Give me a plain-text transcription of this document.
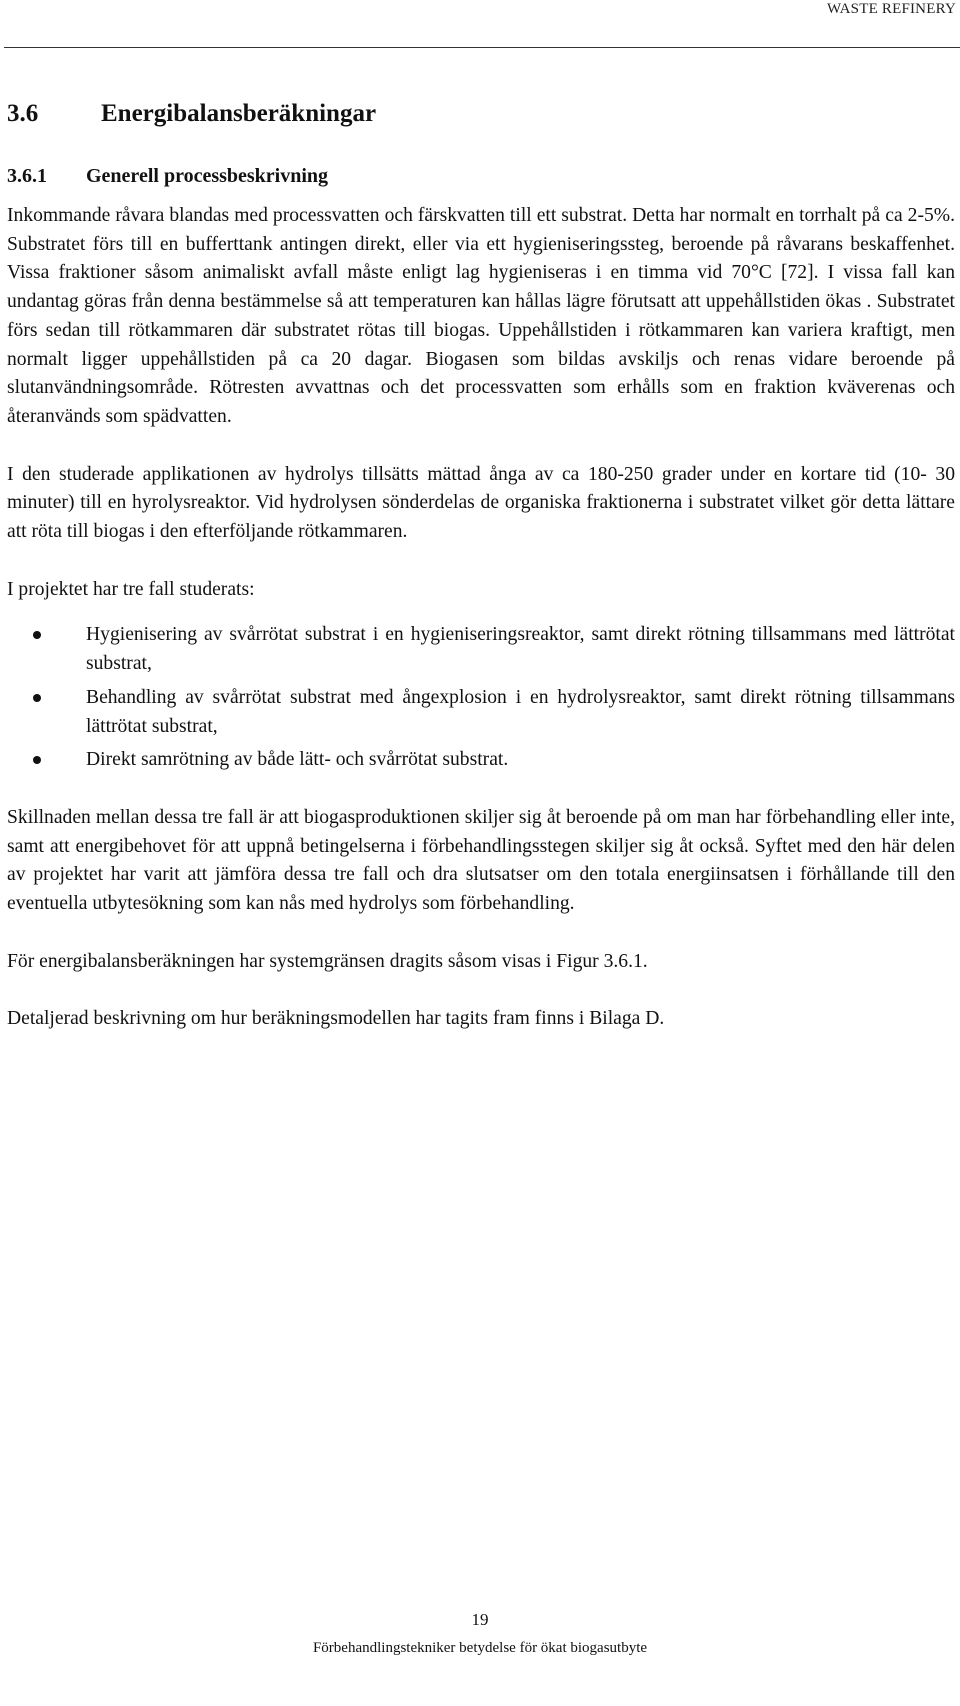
WASTE REFINERY
3.6	Energibalansberäkningar
3.6.1 Generell processbeskrivning

Inkommande råvara blandas med processvatten och färskvatten till ett substrat. Detta har normalt en torrhalt på ca 2-5%. Substratet förs till en bufferttank antingen direkt, eller via ett hygieniseringssteg, beroende på råvarans beskaffenhet. Vissa fraktioner såsom animaliskt avfall måste enligt lag hygieniseras i en timma vid 70°C [72]. I vissa fall kan undantag göras från denna bestämmelse så att temperaturen kan hållas lägre förutsatt att uppehållstiden ökas . Substratet förs sedan till rötkammaren där substratet rötas till biogas. Uppehållstiden i rötkammaren kan variera kraftigt, men normalt ligger uppehållstiden på ca 20 dagar. Biogasen som bildas avskiljs och renas vidare beroende på slutanvändningsområde. Rötresten avvattnas och det processvatten som erhålls som en fraktion kväverenas och återanvänds som spädvatten.

I den studerade applikationen av hydrolys tillsätts mättad ånga av ca 180-250 grader under en kortare tid (10- 30 minuter) till en hyrolysreaktor. Vid hydrolysen sönderdelas de organiska fraktionerna i substratet vilket gör detta lättare att röta till biogas i den efterföljande rötkammaren.

I projektet har tre fall studerats:

Hygienisering av svårrötat substrat i en hygieniseringsreaktor, samt direkt rötning tillsammans med lättrötat substrat,
Behandling av svårrötat substrat med ångexplosion i en hydrolysreaktor, samt direkt rötning tillsammans lättrötat substrat,
Direkt samrötning av både lätt- och svårrötat substrat.

Skillnaden mellan dessa tre fall är att biogasproduktionen skiljer sig åt beroende på om man har förbehandling eller inte, samt att energibehovet för att uppnå betingelserna i förbehandlingsstegen skiljer sig åt också. Syftet med den här delen av projektet har varit att jämföra dessa tre fall och dra slutsatser om den totala energiinsatsen i förhållande till den eventuella utbytesökning som kan nås med hydrolys som förbehandling.

För energibalansberäkningen har systemgränsen dragits såsom visas i Figur 3.6.1.

Detaljerad beskrivning om hur beräkningsmodellen har tagits fram finns i Bilaga D.

19
Förbehandlingstekniker betydelse för ökat biogasutbyte
